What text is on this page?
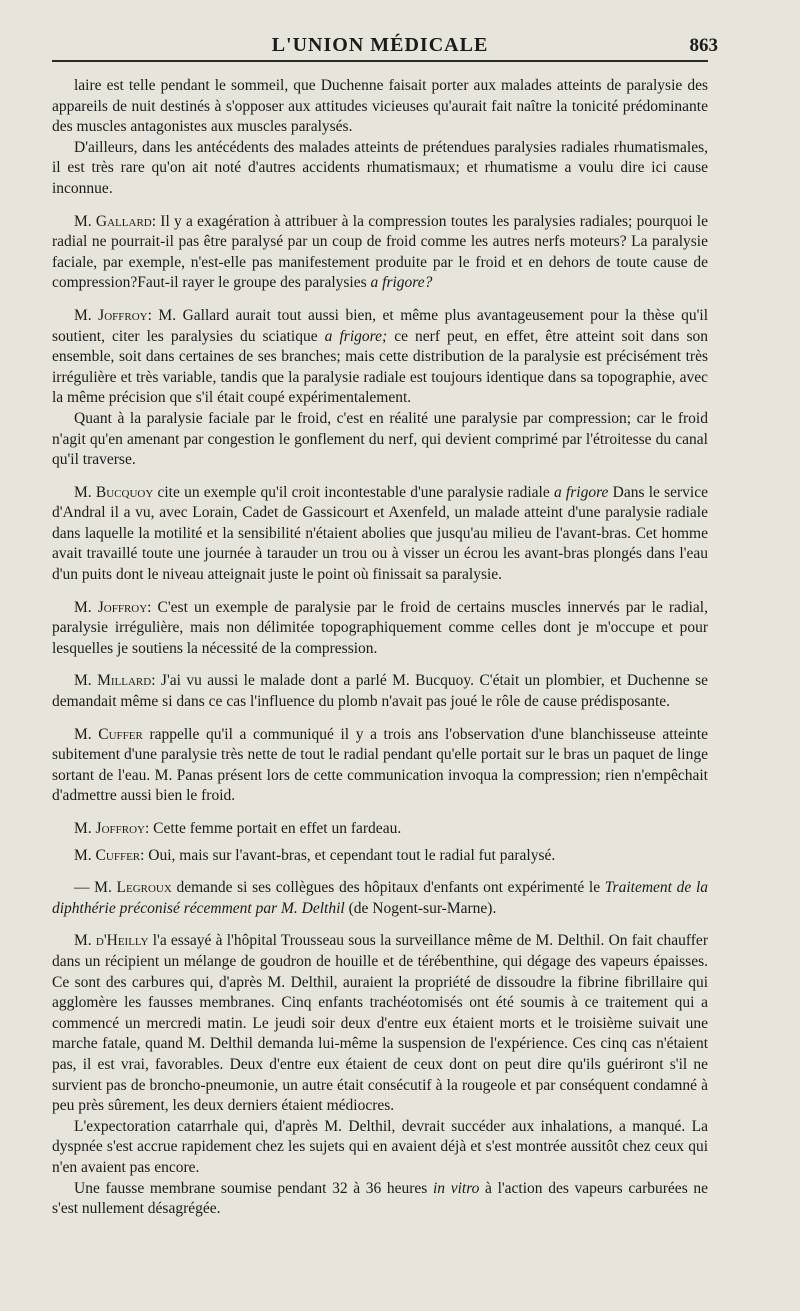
L'UNION MÉDICALE	863

laire est telle pendant le sommeil, que Duchenne faisait porter aux malades atteints de paralysie des appareils de nuit destinés à s'opposer aux attitudes vicieuses qu'aurait fait naître la tonicité prédominante des muscles antagonistes aux muscles paralysés.

D'ailleurs, dans les antécédents des malades atteints de prétendues paralysies radiales rhumatismales, il est très rare qu'on ait noté d'autres accidents rhumatismaux; et rhumatisme a voulu dire ici cause inconnue.

M. Gallard: Il y a exagération à attribuer à la compression toutes les paralysies radiales; pourquoi le radial ne pourrait-il pas être paralysé par un coup de froid comme les autres nerfs moteurs? La paralysie faciale, par exemple, n'est-elle pas manifestement produite par le froid et en dehors de toute cause de compression?Faut-il rayer le groupe des paralysies a frigore?

M. Joffroy: M. Gallard aurait tout aussi bien, et même plus avantageusement pour la thèse qu'il soutient, citer les paralysies du sciatique a frigore; ce nerf peut, en effet, être atteint soit dans son ensemble, soit dans certaines de ses branches; mais cette distribution de la paralysie est précisément très irrégulière et très variable, tandis que la paralysie radiale est toujours identique dans sa topographie, avec la même précision que s'il était coupé expérimentalement.

Quant à la paralysie faciale par le froid, c'est en réalité une paralysie par compression; car le froid n'agit qu'en amenant par congestion le gonflement du nerf, qui devient comprimé par l'étroitesse du canal qu'il traverse.

M. Bucquoy cite un exemple qu'il croit incontestable d'une paralysie radiale a frigore Dans le service d'Andral il a vu, avec Lorain, Cadet de Gassicourt et Axenfeld, un malade atteint d'une paralysie radiale dans laquelle la motilité et la sensibilité n'étaient abolies que jusqu'au milieu de l'avant-bras. Cet homme avait travaillé toute une journée à tarauder un trou ou à visser un écrou les avant-bras plongés dans l'eau d'un puits dont le niveau atteignait juste le point où finissait sa paralysie.

M. Joffroy: C'est un exemple de paralysie par le froid de certains muscles innervés par le radial, paralysie irrégulière, mais non délimitée topographiquement comme celles dont je m'occupe et pour lesquelles je soutiens la nécessité de la compression.

M. Millard: J'ai vu aussi le malade dont a parlé M. Bucquoy. C'était un plombier, et Duchenne se demandait même si dans ce cas l'influence du plomb n'avait pas joué le rôle de cause prédisposante.

M. Cuffer rappelle qu'il a communiqué il y a trois ans l'observation d'une blanchisseuse atteinte subitement d'une paralysie très nette de tout le radial pendant qu'elle portait sur le bras un paquet de linge sortant de l'eau. M. Panas présent lors de cette communication invoqua la compression; rien n'empêchait d'admettre aussi bien le froid.

M. Joffroy: Cette femme portait en effet un fardeau.

M. Cuffer: Oui, mais sur l'avant-bras, et cependant tout le radial fut paralysé.

— M. Legroux demande si ses collègues des hôpitaux d'enfants ont expérimenté le Traitement de la diphthérie préconisé récemment par M. Delthil (de Nogent-sur-Marne).

M. d'Heilly l'a essayé à l'hôpital Trousseau sous la surveillance même de M. Delthil. On fait chauffer dans un récipient un mélange de goudron de houille et de térébenthine, qui dégage des vapeurs épaisses. Ce sont des carbures qui, d'après M. Delthil, auraient la propriété de dissoudre la fibrine fibrillaire qui agglomère les fausses membranes. Cinq enfants trachéotomisés ont été soumis à ce traitement qui a commencé un mercredi matin. Le jeudi soir deux d'entre eux étaient morts et le troisième suivait une marche fatale, quand M. Delthil demanda lui-même la suspension de l'expérience. Ces cinq cas n'étaient pas, il est vrai, favorables. Deux d'entre eux étaient de ceux dont on peut dire qu'ils guériront s'il ne survient pas de broncho-pneumonie, un autre était consécutif à la rougeole et par conséquent condamné à peu près sûrement, les deux derniers étaient médiocres.

L'expectoration catarrhale qui, d'après M. Delthil, devrait succéder aux inhalations, a manqué. La dyspnée s'est accrue rapidement chez les sujets qui en avaient déjà et s'est montrée aussitôt chez ceux qui n'en avaient pas encore.

Une fausse membrane soumise pendant 32 à 36 heures in vitro à l'action des vapeurs carburées ne s'est nullement désagrégée.
